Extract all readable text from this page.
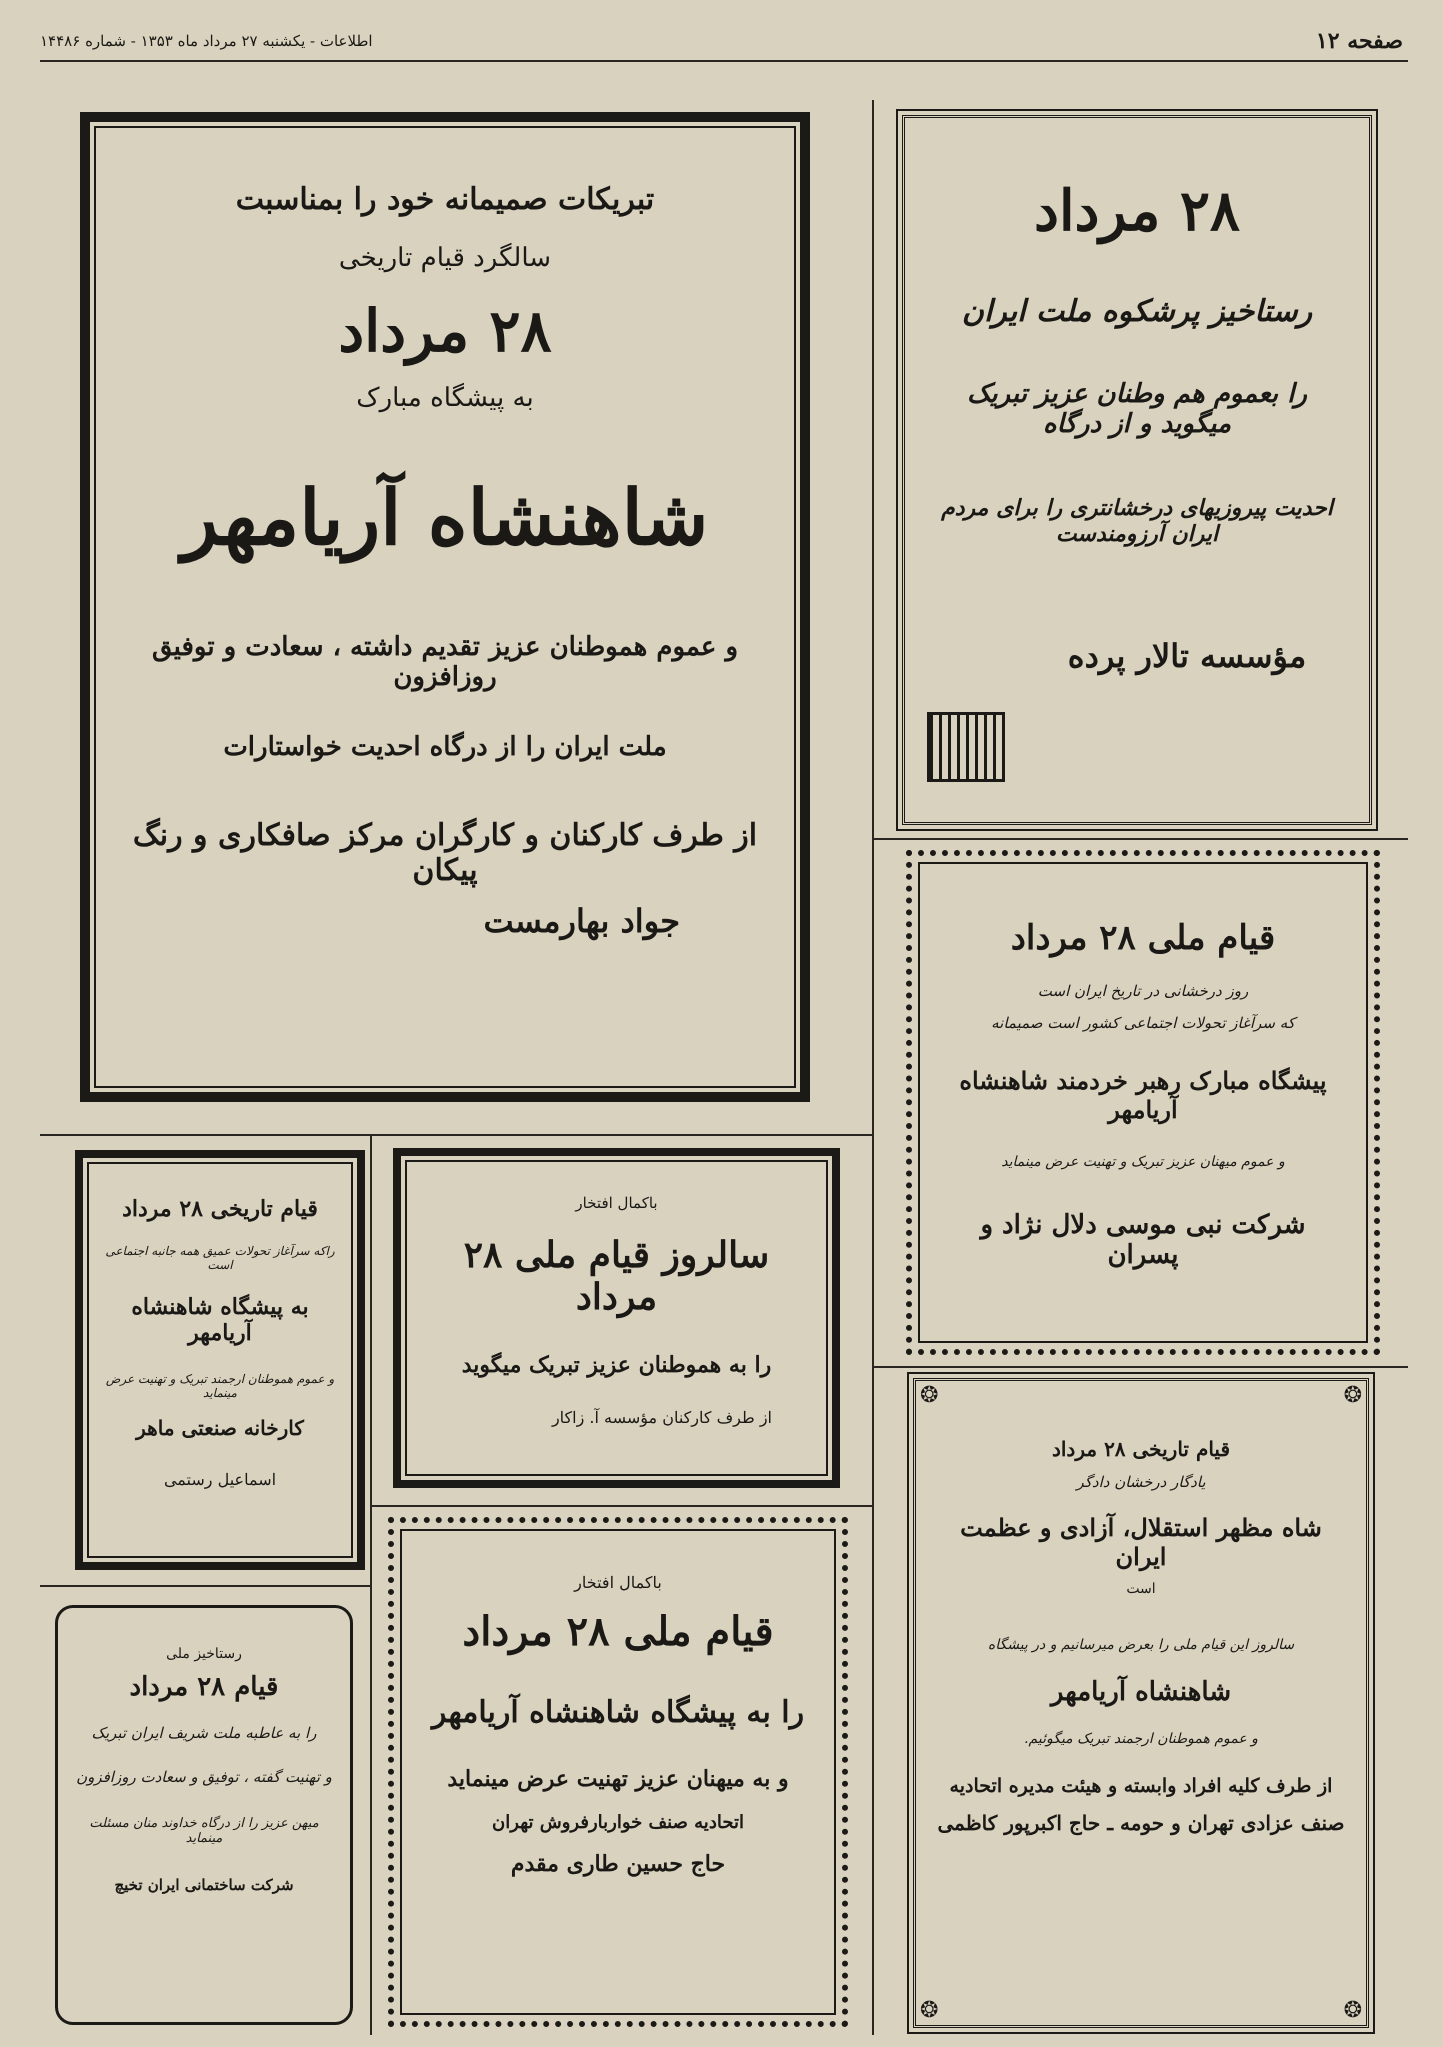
اطلاعات - یکشنبه ۲۷ مرداد ماه ۱۳۵۳ - شماره ۱۴۴۸۶	صفحه ۱۲
تبریکات صمیمانه خود را بمناسبت
سالگرد قیام تاریخی
۲۸ مرداد
به پیشگاه مبارک
شاهنشاه آریامهر
و عموم هموطنان عزیز تقدیم داشته ، سعادت و توفیق روزافزون
ملت ایران را از درگاه احدیت خواستارات
از طرف کارکنان و کارگران مرکز صافکاری و رنگ پیکان
جواد بهارمست
۲۸ مرداد
رستاخیز پرشکوه ملت ایران
را بعموم هم وطنان عزیز تبریک میگوید و از درگاه
احدیت پیروزیهای درخشانتری را برای مردم ایران آرزومندست
مؤسسه تالار پرده
قیام ملی ۲۸ مرداد
روز درخشانی در تاریخ ایران است
که سرآغاز تحولات اجتماعی کشور است صمیمانه
پیشگاه مبارک رهبر خردمند شاهنشاه آریامهر
و عموم میهنان عزیز تبریک و تهنیت عرض مینماید
شرکت نبی موسی دلال نژاد و پسران
قیام تاریخی ۲۸ مرداد
راکه سرآغاز تحولات عمیق همه جانبه اجتماعی است
به پیشگاه شاهنشاه آریامهر
و عموم هموطنان ارجمند تبریک و تهنیت عرض مینماید
کارخانه صنعتی ماهر
اسماعیل رستمی
باکمال افتخار
سالروز قیام ملی ۲۸ مرداد
را به هموطنان عزیز تبریک میگوید
از طرف کارکنان مؤسسه آ. زاکار
❂	❂
❂	❂
قیام تاریخی ۲۸ مرداد
یادگار درخشان دادگر
شاه مظهر استقلال، آزادی و عظمت ایران
است
سالروز این قیام ملی را بعرض میرسانیم و در پیشگاه
شاهنشاه آریامهر
و عموم هموطنان ارجمند تبریک میگوئیم.
از طرف کلیه افراد وابسته و هیئت مدیره اتحادیه
صنف عزادی تهران و حومه ـ حاج اکبرپور کاظمی
رستاخیز ملی
قیام ۲۸ مرداد
را به عاطبه ملت شریف ایران تبریک
و تهنیت گفته ، توفیق و سعادت روزافزون
میهن عزیز را از درگاه خداوند منان مسئلت مینماید
شرکت ساختمانی ایران تخیچ
باکمال افتخار
قیام ملی ۲۸ مرداد
را به پیشگاه شاهنشاه آریامهر
و به میهنان عزیز تهنیت عرض مینماید
اتحادیه صنف خواربارفروش تهران
حاج حسین طاری مقدم
